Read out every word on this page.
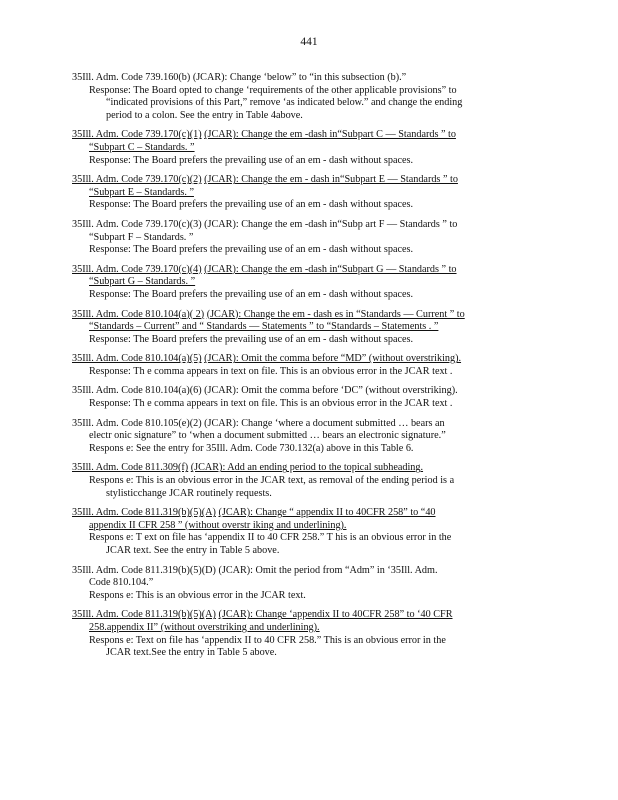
441
35Ill. Adm. Code 739.160(b) (JCAR): Change ‘below” to “in this subsection (b).”
Response: The Board opted to change ‘requirements of the other applicable provisions” to
“indicated provisions of this Part,” remove ‘as indicated below.” and change the ending
period to a colon. See the entry in Table 4above.
35Ill. Adm. Code 739.170(c)(1) (JCAR): Change the em -dash in“Subpart C — Standards ” to
“Subpart C – Standards. ”
Response: The Board prefers the prevailing use of an em - dash without spaces.
35Ill. Adm. Code 739.170(c)(2) (JCAR): Change the em - dash in“Subpart E — Standards ” to
“Subpart E – Standards. ”
Response: The Board prefers the prevailing use of an em - dash without spaces.
35Ill. Adm. Code 739.170(c)(3) (JCAR): Change the em -dash in“Subp art F — Standards ” to
“Subpart F – Standards. ”
Response: The Board prefers the prevailing use of an em - dash without spaces.
35Ill. Adm. Code 739.170(c)(4) (JCAR): Change the em -dash in“Subpart G — Standards ” to
“Subpart G – Standards. ”
Response: The Board prefers the prevailing use of an em - dash without spaces.
35Ill. Adm. Code 810.104(a)( 2) (JCAR): Change the em - dash es in “Standards — Current ” to
“Standards – Current” and “ Standards — Statements ” to “Standards – Statements . ”
Response: The Board prefers the prevailing use of an em - dash without spaces.
35Ill. Adm. Code 810.104(a)(5) (JCAR): Omit the comma before “MD” (without overstriking).
Response: Th e comma appears in text on file. This is an obvious error in the JCAR text .
35Ill. Adm. Code 810.104(a)(6) (JCAR): Omit the comma before ‘DC” (without overstriking).
Response: Th e comma appears in text on file. This is an obvious error in the JCAR text .
35Ill. Adm. Code 810.105(e)(2) (JCAR): Change ‘where a document submitted … bears an
electr onic signature” to ‘when a document submitted … bears an electronic signature.”
Respons e: See the entry for 35Ill. Adm. Code 730.132(a) above in this Table 6.
35Ill. Adm. Code 811.309(f) (JCAR): Add an ending period to the topical subheading.
Respons e: This is an obvious error in the JCAR text, as removal of the ending period is a
stylisticchange JCAR routinely requests.
35Ill. Adm. Code 811.319(b)(5)(A) (JCAR): Change “ appendix II to 40CFR 258” to “40
appendix II CFR 258 ” (without overstr iking and underlining).
Respons e: T ext on file has ‘appendix II to 40 CFR 258.” T his is an obvious error in the
JCAR text. See the entry in Table 5 above.
35Ill. Adm. Code 811.319(b)(5)(D) (JCAR): Omit the period from “Adm” in ‘35Ill. Adm.
Code 810.104.”
Respons e: This is an obvious error in the JCAR text.
35Ill. Adm. Code 811.319(b)(5)(A) (JCAR): Change ‘appendix II to 40CFR 258” to ‘40 CFR
258.appendix II” (without overstriking and underlining).
Respons e: Text on file has ‘appendix II to 40 CFR 258.” This is an obvious error in the
JCAR text.See the entry in Table 5 above.
